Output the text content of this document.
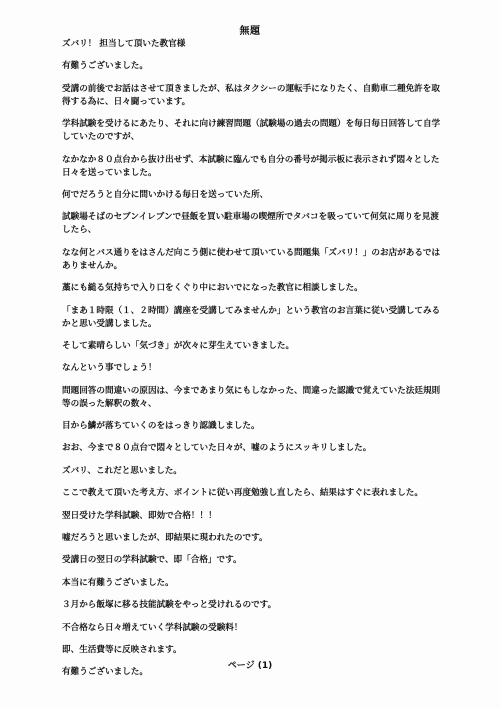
無題

ズバリ！ 担当して頂いた教官様

有難うございました。

受講の前後でお話はさせて頂きましたが、私はタクシーの運転手になりたく、自動車二種免許を取得する為に、日々闘っています。

学科試験を受けるにあたり、それに向け練習問題（試験場の過去の問題）を毎日毎日回答して自学していたのですが、

なかなか８０点台から抜け出せず、本試験に臨んでも自分の番号が掲示板に表示されず悶々とした日々を送っていました。

何でだろうと自分に問いかける毎日を送っていた所、

試験場そばのセブンイレブンで昼飯を買い駐車場の喫煙所でタバコを吸っていて何気に周りを見渡したら、

なな何とバス通りをはさんだ向こう側に使わせて頂いている問題集「ズバリ！」のお店があるではありませんか。

藁にも縋る気持ちで入り口をくぐり中においでになった教官に相談しました。

「まあ１時限（１、２時間）講座を受講してみませんか」という教官のお言葉に従い受講してみるかと思い受講しました。

そして素晴らしい「気づき」が次々に芽生えていきました。

なんという事でしょう！

問題回答の間違いの原因は、今まであまり気にもしなかった、間違った認識で覚えていた法廷規則等の誤った解釈の数々、

目から鱗が落ちていくのをはっきり認識しました。

おお、今まで８０点台で悶々としていた日々が、嘘のようにスッキリしました。

ズバリ、これだと思いました。

ここで教えて頂いた考え方、ポイントに従い再度勉強し直したら、結果はすぐに表れました。

翌日受けた学科試験、即効で合格！！！

嘘だろうと思いましたが、即結果に現われたのです。

受講日の翌日の学科試験で、即「合格」です。

本当に有難うございました。

３月から飯塚に移る技能試験をやっと受けれるのです。

不合格なら日々増えていく学科試験の受験料！

即、生活費等に反映されます。

有難うございました。

ページ (1)
